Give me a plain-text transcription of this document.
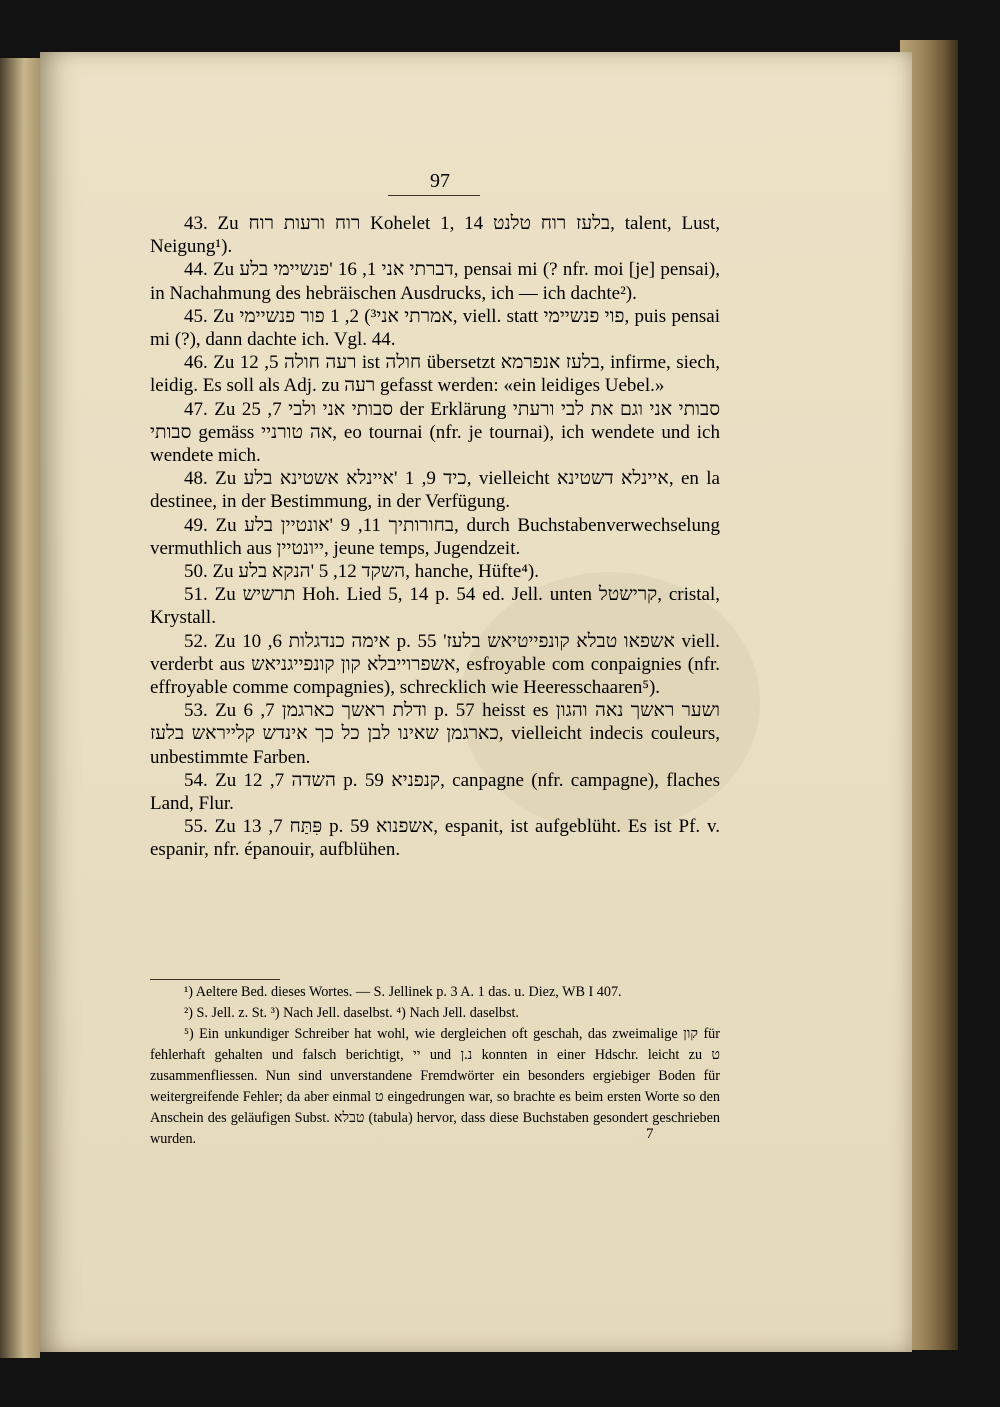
97

43. Zu רוח ורעות רוח Kohelet 1, 14 בלעז רוח טלנט, talent, Lust, Neigung¹).

44. Zu דברתי אני 1, 16 'פנשיימי בלע, pensai mi (? nfr. moi [je] pensai), in Nachahmung des hebräischen Ausdrucks, ich — ich dachte²).

45. Zu אמרתי אני³) 2, 1 פור פנשיימי, viell. statt פוי פנשיימי, puis pensai mi (?), dann dachte ich. Vgl. 44.

46. Zu רעה חולה 5, 12 ist חולה übersetzt בלעז אנפרמא, infirme, siech, leidig. Es soll als Adj. zu רעה gefasst werden: «ein leidiges Uebel.»

47. Zu סבותי אני ולבי 7, 25 der Erklärung סבותי אני וגם את לבי ורעתי סבותי gemäss אה טורניי, eo tournai (nfr. je tournai), ich wendete und ich wendete mich.

48. Zu כיד 9, 1 'איינלא אשטינא בלע, vielleicht איינלא דשטינא, en la destinee, in der Bestimmung, in der Verfügung.

49. Zu בחורותיך 11, 9 'אונטיין בלע, durch Buchstabenverwechselung vermuthlich aus ייונטיין, jeune temps, Jugendzeit.

50. Zu השקד 12, 5 'הנקא בלע, hanche, Hüfte⁴).

51. Zu תרשיש Hoh. Lied 5, 14 p. 54 ed. Jell. unten קרישטל, cristal, Krystall.

52. Zu אימה כנדגלות 6, 10 p. 55 'אשפאו טבלא קונפייטיאש בלעז viell. verderbt aus אשפרוייבלא קון קונפייגניאש, esfroyable com conpaignies (nfr. effroyable comme compagnies), schrecklich wie Heeresschaaren⁵).

53. Zu ודלת ראשך כארגמן 7, 6 p. 57 heisst es ושער ראשך נאה והגון כארגמן שאינו לבן כל כך אינדש קלייראש בלעז, vielleicht indecis couleurs, unbestimmte Farben.

54. Zu השדה 7, 12 p. 59 קנפניא, canpagne (nfr. campagne), flaches Land, Flur.

55. Zu פִּתַּח 7, 13 p. 59 אשפנוא, espanit, ist aufgeblüht. Es ist Pf. v. espanir, nfr. épanouir, aufblühen.

¹) Aeltere Bed. dieses Wortes. — S. Jellinek p. 3 A. 1 das. u. Diez, WB I 407.

²) S. Jell. z. St. ³) Nach Jell. daselbst. ⁴) Nach Jell. daselbst.

⁵) Ein unkundiger Schreiber hat wohl, wie dergleichen oft geschah, das zweimalige קון für fehlerhaft gehalten und falsch berichtigt, יי und נ.ן konnten in einer Hdschr. leicht zu ט zusammenfliessen. Nun sind unverstandene Fremdwörter ein besonders ergiebiger Boden für weitergreifende Fehler; da aber einmal ט eingedrungen war, so brachte es beim ersten Worte so den Anschein des geläufigen Subst. טבלא (tabula) hervor, dass diese Buchstaben gesondert geschrieben wurden.	7
